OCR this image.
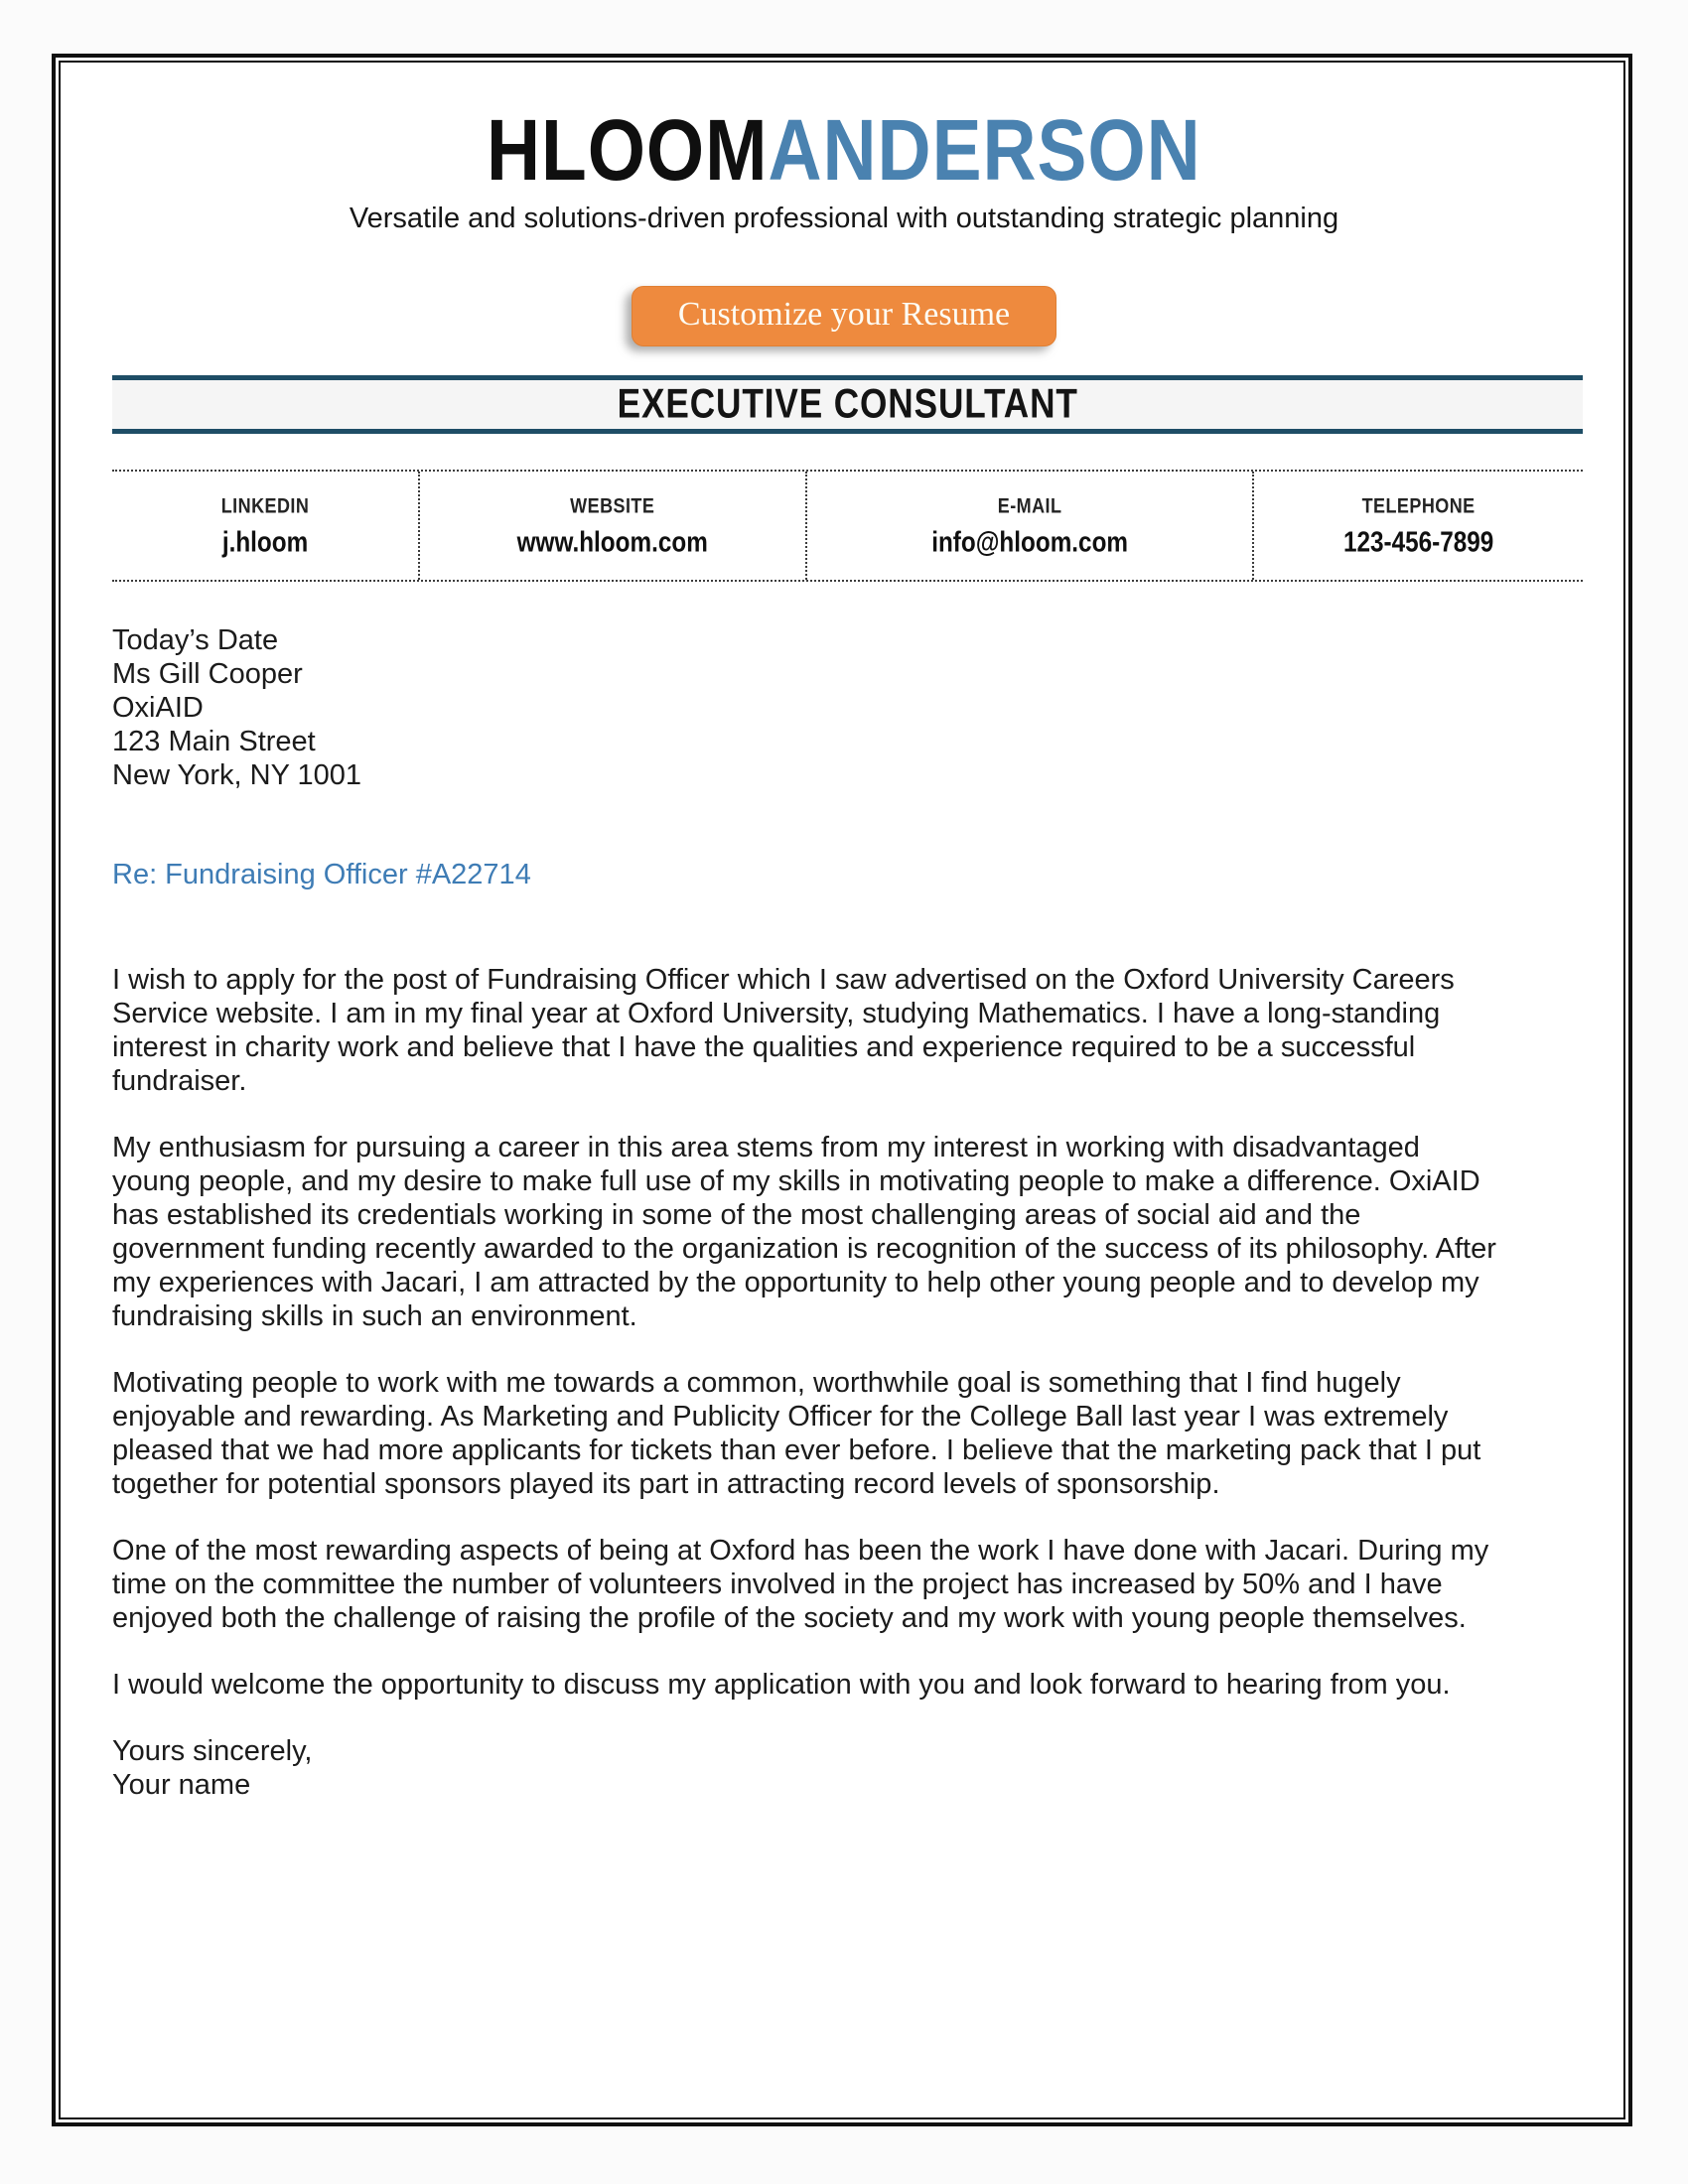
HLOOMANDERSON
Versatile and solutions-driven professional with outstanding strategic planning
Customize your Resume
EXECUTIVE CONSULTANT
LINKEDIN
j.hloom
WEBSITE
www.hloom.com
E-MAIL
info@hloom.com
TELEPHONE
123-456-7899
Today’s Date
Ms Gill Cooper
OxiAID
123 Main Street
New York, NY 1001

Re: Fundraising Officer #A22714

I wish to apply for the post of Fundraising Officer which I saw advertised on the Oxford University Careers Service website. I am in my final year at Oxford University, studying Mathematics. I have a long-standing interest in charity work and believe that I have the qualities and experience required to be a successful fundraiser.

My enthusiasm for pursuing a career in this area stems from my interest in working with disadvantaged young people, and my desire to make full use of my skills in motivating people to make a difference. OxiAID has established its credentials working in some of the most challenging areas of social aid and the government funding recently awarded to the organization is recognition of the success of its philosophy. After my experiences with Jacari, I am attracted by the opportunity to help other young people and to develop my fundraising skills in such an environment.

Motivating people to work with me towards a common, worthwhile goal is something that I find hugely enjoyable and rewarding. As Marketing and Publicity Officer for the College Ball last year I was extremely pleased that we had more applicants for tickets than ever before. I believe that the marketing pack that I put together for potential sponsors played its part in attracting record levels of sponsorship.

One of the most rewarding aspects of being at Oxford has been the work I have done with Jacari. During my time on the committee the number of volunteers involved in the project has increased by 50% and I have enjoyed both the challenge of raising the profile of the society and my work with young people themselves.

I would welcome the opportunity to discuss my application with you and look forward to hearing from you.

Yours sincerely,
Your name
